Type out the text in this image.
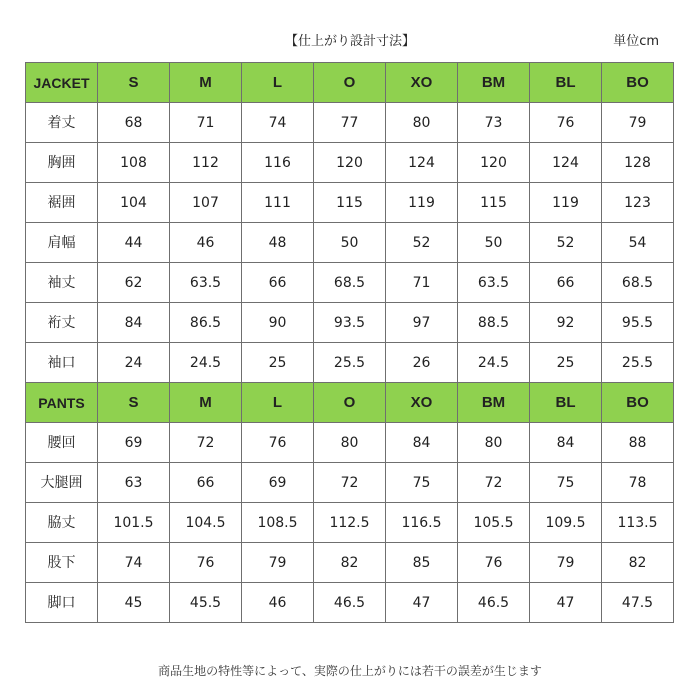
【仕上がり設計寸法】	単位cm
JACKET	S	M	L	O	XO	BM	BL	BO
着丈	68	71	74	77	80	73	76	79
胸囲	108	112	116	120	124	120	124	128
裾囲	104	107	111	115	119	115	119	123
肩幅	44	46	48	50	52	50	52	54
袖丈	62	63.5	66	68.5	71	63.5	66	68.5
裄丈	84	86.5	90	93.5	97	88.5	92	95.5
袖口	24	24.5	25	25.5	26	24.5	25	25.5
PANTS	S	M	L	O	XO	BM	BL	BO
腰回	69	72	76	80	84	80	84	88
大腿囲	63	66	69	72	75	72	75	78
脇丈	101.5	104.5	108.5	112.5	116.5	105.5	109.5	113.5
股下	74	76	79	82	85	76	79	82
脚口	45	45.5	46	46.5	47	46.5	47	47.5
商品生地の特性等によって、実際の仕上がりには若干の誤差が生じます
